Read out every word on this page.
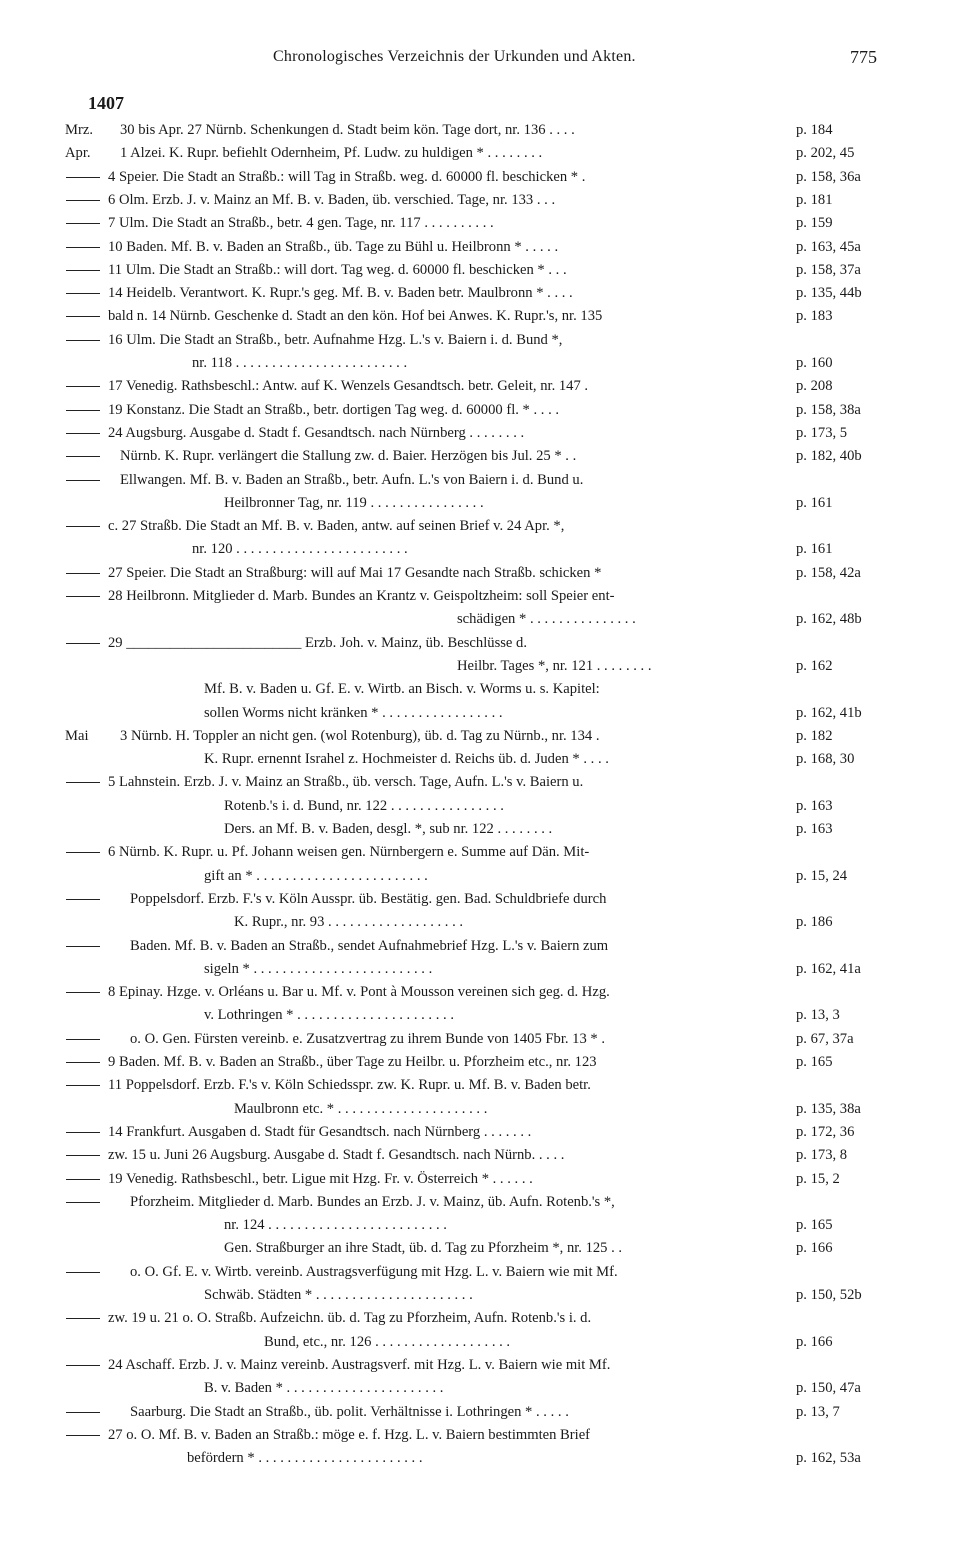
Chronologisches Verzeichnis der Urkunden und Akten.	775
1407
Mrz. 30 bis Apr. 27 Nürnb. Schenkungen d. Stadt beim kön. Tage dort, nr. 136 . . . .	p. 184
Apr. 1 Alzei. K. Rupr. befiehlt Odernheim, Pf. Ludw. zu huldigen * . . . . . . . .	p. 202, 45
4 Speier. Die Stadt an Straßb.: will Tag in Straßb. weg. d. 60000 fl. beschicken * .	p. 158, 36a
6 Olm. Erzb. J. v. Mainz an Mf. B. v. Baden, üb. verschied. Tage, nr. 133 . . .	p. 181
7 Ulm. Die Stadt an Straßb., betr. 4 gen. Tage, nr. 117 . . . . . . . . . .	p. 159
10 Baden. Mf. B. v. Baden an Straßb., üb. Tage zu Bühl u. Heilbronn * . . . . .	p. 163, 45a
11 Ulm. Die Stadt an Straßb.: will dort. Tag weg. d. 60000 fl. beschicken * . . .	p. 158, 37a
14 Heidelb. Verantwort. K. Rupr.'s geg. Mf. B. v. Baden betr. Maulbronn * . . . .	p. 135, 44b
bald n. 14 Nürnb. Geschenke d. Stadt an den kön. Hof bei Anwes. K. Rupr.'s, nr. 135	p. 183
16 Ulm. Die Stadt an Straßb., betr. Aufnahme Hzg. L.'s v. Baiern i. d. Bund *,
nr. 118 . . . . . . . . . . . . . . . . . . . . . . . .	p. 160
17 Venedig. Rathsbeschl.: Antw. auf K. Wenzels Gesandtsch. betr. Geleit, nr. 147 .	p. 208
19 Konstanz. Die Stadt an Straßb., betr. dortigen Tag weg. d. 60000 fl. * . . . .	p. 158, 38a
24 Augsburg. Ausgabe d. Stadt f. Gesandtsch. nach Nürnberg . . . . . . . .	p. 173, 5
Nürnb. K. Rupr. verlängert die Stallung zw. d. Baier. Herzögen bis Jul. 25 * . .	p. 182, 40b
Ellwangen. Mf. B. v. Baden an Straßb., betr. Aufn. L.'s von Baiern i. d. Bund u.
Heilbronner Tag, nr. 119 . . . . . . . . . . . . . . . .	p. 161
c. 27 Straßb. Die Stadt an Mf. B. v. Baden, antw. auf seinen Brief v. 24 Apr. *,
nr. 120 . . . . . . . . . . . . . . . . . . . . . . . .	p. 161
27 Speier. Die Stadt an Straßburg: will auf Mai 17 Gesandte nach Straßb. schicken *	p. 158, 42a
28 Heilbronn. Mitglieder d. Marb. Bundes an Krantz v. Geispoltzheim: soll Speier ent-
schädigen * . . . . . . . . . . . . . . .	p. 162, 48b
29 ________________________ Erzb. Joh. v. Mainz, üb. Beschlüsse d.
Heilbr. Tages *, nr. 121 . . . . . . . .	p. 162
Mf. B. v. Baden u. Gf. E. v. Wirtb. an Bisch. v. Worms u. s. Kapitel:
sollen Worms nicht kränken * . . . . . . . . . . . . . . . . .	p. 162, 41b
Mai 3 Nürnb. H. Toppler an nicht gen. (wol Rotenburg), üb. d. Tag zu Nürnb., nr. 134 .	p. 182
K. Rupr. ernennt Israhel z. Hochmeister d. Reichs üb. d. Juden * . . . .	p. 168, 30
5 Lahnstein. Erzb. J. v. Mainz an Straßb., üb. versch. Tage, Aufn. L.'s v. Baiern u.
Rotenb.'s i. d. Bund, nr. 122 . . . . . . . . . . . . . . . .	p. 163
Ders. an Mf. B. v. Baden, desgl. *, sub nr. 122 . . . . . . . .	p. 163
6 Nürnb. K. Rupr. u. Pf. Johann weisen gen. Nürnbergern e. Summe auf Dän. Mit-
gift an * . . . . . . . . . . . . . . . . . . . . . . . .	p. 15, 24
Poppelsdorf. Erzb. F.'s v. Köln Ausspr. üb. Bestätig. gen. Bad. Schuldbriefe durch
K. Rupr., nr. 93 . . . . . . . . . . . . . . . . . . .	p. 186
Baden. Mf. B. v. Baden an Straßb., sendet Aufnahmebrief Hzg. L.'s v. Baiern zum
sigeln * . . . . . . . . . . . . . . . . . . . . . . . . .	p. 162, 41a
8 Epinay. Hzge. v. Orléans u. Bar u. Mf. v. Pont à Mousson vereinen sich geg. d. Hzg.
v. Lothringen * . . . . . . . . . . . . . . . . . . . . . .	p. 13, 3
o. O. Gen. Fürsten vereinb. e. Zusatzvertrag zu ihrem Bunde von 1405 Fbr. 13 * .	p. 67, 37a
9 Baden. Mf. B. v. Baden an Straßb., über Tage zu Heilbr. u. Pforzheim etc., nr. 123	p. 165
11 Poppelsdorf. Erzb. F.'s v. Köln Schiedsspr. zw. K. Rupr. u. Mf. B. v. Baden betr.
Maulbronn etc. * . . . . . . . . . . . . . . . . . . . . .	p. 135, 38a
14 Frankfurt. Ausgaben d. Stadt für Gesandtsch. nach Nürnberg . . . . . . .	p. 172, 36
zw. 15 u. Juni 26 Augsburg. Ausgabe d. Stadt f. Gesandtsch. nach Nürnb. . . . .	p. 173, 8
19 Venedig. Rathsbeschl., betr. Ligue mit Hzg. Fr. v. Österreich * . . . . . .	p. 15, 2
Pforzheim. Mitglieder d. Marb. Bundes an Erzb. J. v. Mainz, üb. Aufn. Rotenb.'s *,
nr. 124 . . . . . . . . . . . . . . . . . . . . . . . . .	p. 165
Gen. Straßburger an ihre Stadt, üb. d. Tag zu Pforzheim *, nr. 125 . .	p. 166
o. O. Gf. E. v. Wirtb. vereinb. Austragsverfügung mit Hzg. L. v. Baiern wie mit Mf.
Schwäb. Städten * . . . . . . . . . . . . . . . . . . . . . .	p. 150, 52b
zw. 19 u. 21 o. O. Straßb. Aufzeichn. üb. d. Tag zu Pforzheim, Aufn. Rotenb.'s i. d.
Bund, etc., nr. 126 . . . . . . . . . . . . . . . . . . .	p. 166
24 Aschaff. Erzb. J. v. Mainz vereinb. Austragsverf. mit Hzg. L. v. Baiern wie mit Mf.
B. v. Baden * . . . . . . . . . . . . . . . . . . . . . .	p. 150, 47a
Saarburg. Die Stadt an Straßb., üb. polit. Verhältnisse i. Lothringen * . . . . .	p. 13, 7
27 o. O. Mf. B. v. Baden an Straßb.: möge e. f. Hzg. L. v. Baiern bestimmten Brief
befördern * . . . . . . . . . . . . . . . . . . . . . . .	p. 162, 53a
